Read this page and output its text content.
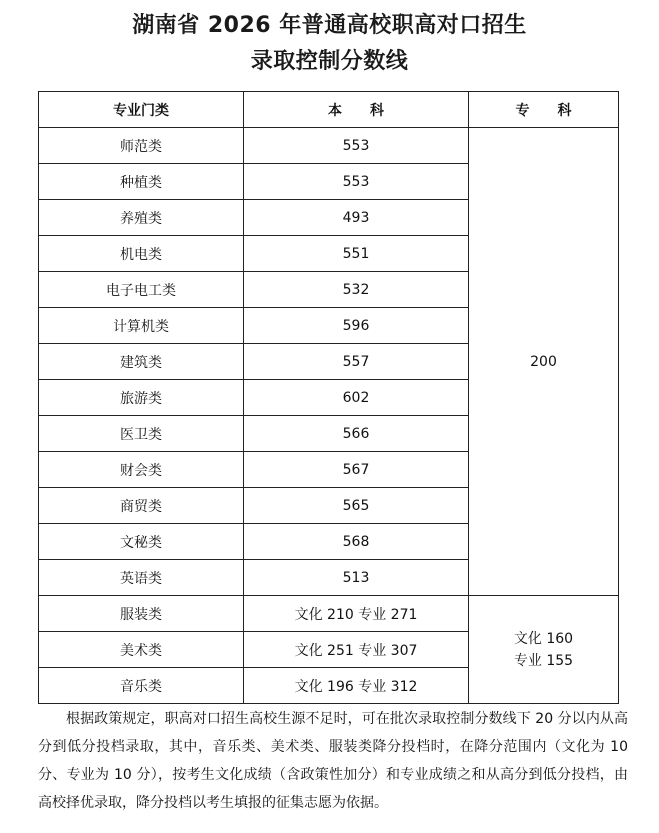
湖南省 2026 年普通高校职高对口招生
录取控制分数线
专业门类	本　　科	专　　科
师范类	553	200
种植类	553	
养殖类	493	
机电类	551	
电子电工类	532	
计算机类	596	
建筑类	557	
旅游类	602	
医卫类	566	
财会类	567	
商贸类	565	
文秘类	568	
英语类	513	
服装类	文化 210 专业 271	文化 160
专业 155

美术类	文化 251 专业 307	
音乐类	文化 196 专业 312	
根据政策规定，职高对口招生高校生源不足时，可在批次录取控制分数线下 20 分以内从高分到低分投档录取，其中，音乐类、美术类、服装类降分投档时，在降分范围内（文化为 10 分、专业为 10 分），按考生文化成绩（含政策性加分）和专业成绩之和从高分到低分投档，由高校择优录取，降分投档以考生填报的征集志愿为依据。
